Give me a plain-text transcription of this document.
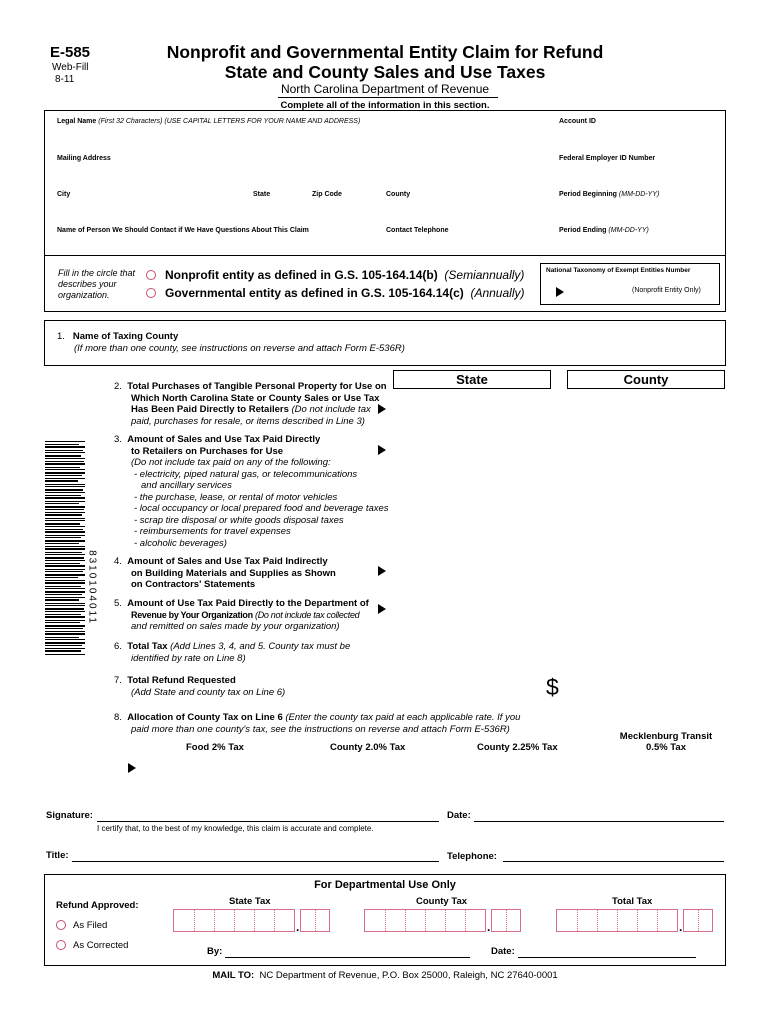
E-585
Web-Fill
8-11
Nonprofit and Governmental Entity Claim for Refund
State and County Sales and Use Taxes
North Carolina Department of Revenue
Complete all of the information in this section.
Legal Name (First 32 Characters) (USE CAPITAL LETTERS FOR YOUR NAME AND ADDRESS)	Account ID
Mailing Address	Federal Employer ID Number
City	State	Zip Code	County	Period Beginning (MM-DD-YY)
Name of Person We Should Contact if We Have Questions About This Claim	Contact Telephone	Period Ending (MM-DD-YY)
Fill in the circle that describes your organization.
Nonprofit entity as defined in G.S. 105-164.14(b) (Semiannually)
Governmental entity as defined in G.S. 105-164.14(c) (Annually)
National Taxonomy of Exempt Entities Number
(Nonprofit Entity Only)
1. Name of Taxing County
(If more than one county, see instructions on reverse and attach Form E-536R)
State	County
2. Total Purchases of Tangible Personal Property for Use on
Which North Carolina State or County Sales or Use Tax
Has Been Paid Directly to Retailers (Do not include tax
paid, purchases for resale, or items described in Line 3)
3. Amount of Sales and Use Tax Paid Directly
to Retailers on Purchases for Use
(Do not include tax paid on any of the following:
- electricity, piped natural gas, or telecommunications
and ancillary services
- the purchase, lease, or rental of motor vehicles
- local occupancy or local prepared food and beverage taxes
- scrap tire disposal or white goods disposal taxes
- reimbursements for travel expenses
- alcoholic beverages)
4. Amount of Sales and Use Tax Paid Indirectly
on Building Materials and Supplies as Shown
on Contractors' Statements
5. Amount of Use Tax Paid Directly to the Department of
Revenue by Your Organization (Do not include tax collected
and remitted on sales made by your organization)
6. Total Tax (Add Lines 3, 4, and 5. County tax must be
identified by rate on Line 8)
7. Total Refund Requested
(Add State and county tax on Line 6)	$
8. Allocation of County Tax on Line 6 (Enter the county tax paid at each applicable rate. If you
paid more than one county's tax, see the instructions on reverse and attach Form E-536R)
Food 2% Tax	County 2.0% Tax	County 2.25% Tax
Mecklenburg Transit
0.5% Tax
8310104011
Signature:	Date:
I certify that, to the best of my knowledge, this claim is accurate and complete.
Title:	Telephone:
For Departmental Use Only
Refund Approved:
As Filed
As Corrected
State Tax	County Tax	Total Tax
.	.	.
By:	Date:
MAIL TO: NC Department of Revenue, P.O. Box 25000, Raleigh, NC 27640-0001
